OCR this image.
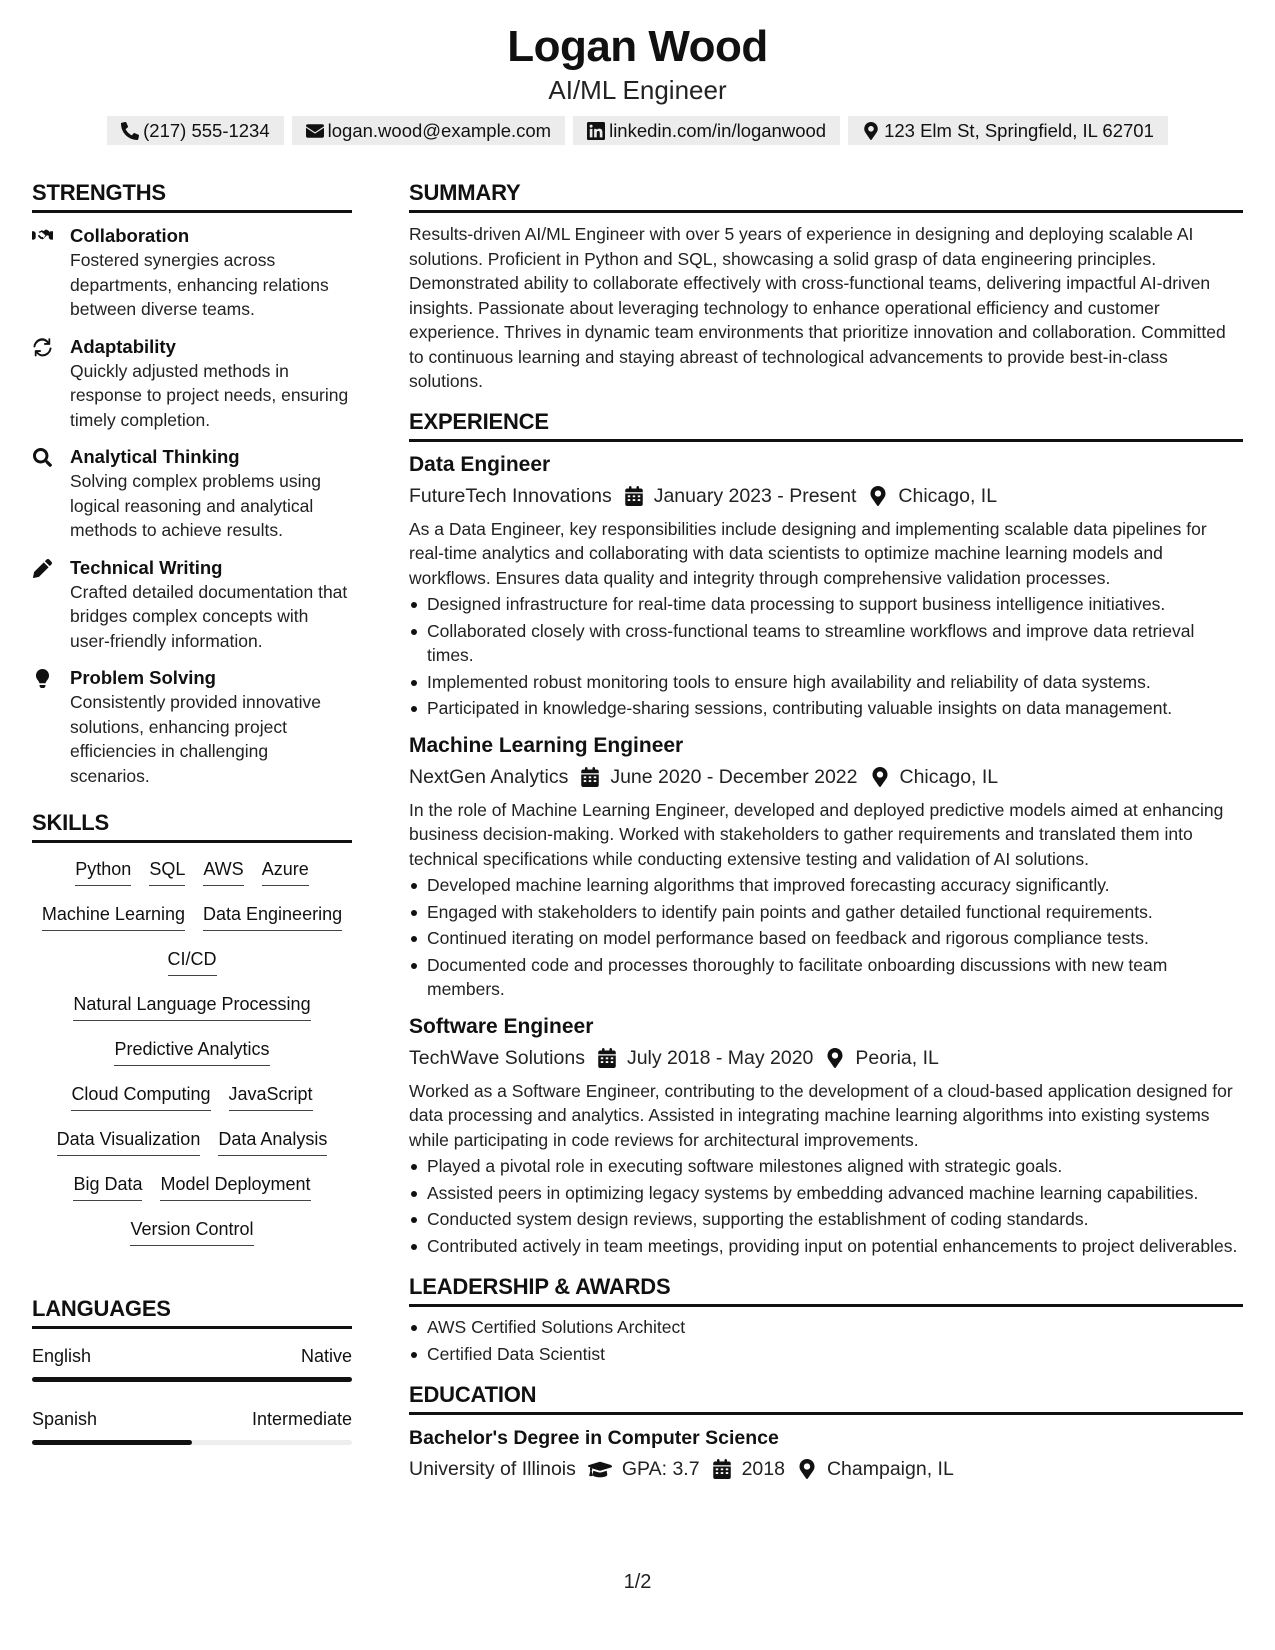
Logan Wood
AI/ML Engineer
(217) 555-1234	logan.wood@example.com	linkedin.com/in/loganwood	123 Elm St, Springfield, IL 62701
STRENGTHS
Collaboration
Fostered synergies across departments, enhancing relations between diverse teams.
Adaptability
Quickly adjusted methods in response to project needs, ensuring timely completion.
Analytical Thinking
Solving complex problems using logical reasoning and analytical methods to achieve results.
Technical Writing
Crafted detailed documentation that bridges complex concepts with user-friendly information.
Problem Solving
Consistently provided innovative solutions, enhancing project efficiencies in challenging scenarios.
SKILLS
Python SQL AWS Azure
Machine Learning Data Engineering
CI/CD
Natural Language Processing
Predictive Analytics
Cloud Computing JavaScript
Data Visualization Data Analysis
Big Data Model Deployment
Version Control
LANGUAGES
English	Native
Spanish	Intermediate
SUMMARY
Results-driven AI/ML Engineer with over 5 years of experience in designing and deploying scalable AI solutions. Proficient in Python and SQL, showcasing a solid grasp of data engineering principles. Demonstrated ability to collaborate effectively with cross-functional teams, delivering impactful AI-driven insights. Passionate about leveraging technology to enhance operational efficiency and customer experience. Thrives in dynamic team environments that prioritize innovation and collaboration. Committed to continuous learning and staying abreast of technological advancements to provide best-in-class solutions.
EXPERIENCE
Data Engineer
FutureTech Innovations January 2023 - Present Chicago, IL
As a Data Engineer, key responsibilities include designing and implementing scalable data pipelines for real-time analytics and collaborating with data scientists to optimize machine learning models and workflows. Ensures data quality and integrity through comprehensive validation processes.
Designed infrastructure for real-time data processing to support business intelligence initiatives.
Collaborated closely with cross-functional teams to streamline workflows and improve data retrieval times.
Implemented robust monitoring tools to ensure high availability and reliability of data systems.
Participated in knowledge-sharing sessions, contributing valuable insights on data management.
Machine Learning Engineer
NextGen Analytics June 2020 - December 2022 Chicago, IL
In the role of Machine Learning Engineer, developed and deployed predictive models aimed at enhancing business decision-making. Worked with stakeholders to gather requirements and translated them into technical specifications while conducting extensive testing and validation of AI solutions.
Developed machine learning algorithms that improved forecasting accuracy significantly.
Engaged with stakeholders to identify pain points and gather detailed functional requirements.
Continued iterating on model performance based on feedback and rigorous compliance tests.
Documented code and processes thoroughly to facilitate onboarding discussions with new team members.
Software Engineer
TechWave Solutions July 2018 - May 2020 Peoria, IL
Worked as a Software Engineer, contributing to the development of a cloud-based application designed for data processing and analytics. Assisted in integrating machine learning algorithms into existing systems while participating in code reviews for architectural improvements.
Played a pivotal role in executing software milestones aligned with strategic goals.
Assisted peers in optimizing legacy systems by embedding advanced machine learning capabilities.
Conducted system design reviews, supporting the establishment of coding standards.
Contributed actively in team meetings, providing input on potential enhancements to project deliverables.
LEADERSHIP & AWARDS
AWS Certified Solutions Architect
Certified Data Scientist
EDUCATION
Bachelor's Degree in Computer Science
University of Illinois GPA: 3.7 2018 Champaign, IL
1/2
